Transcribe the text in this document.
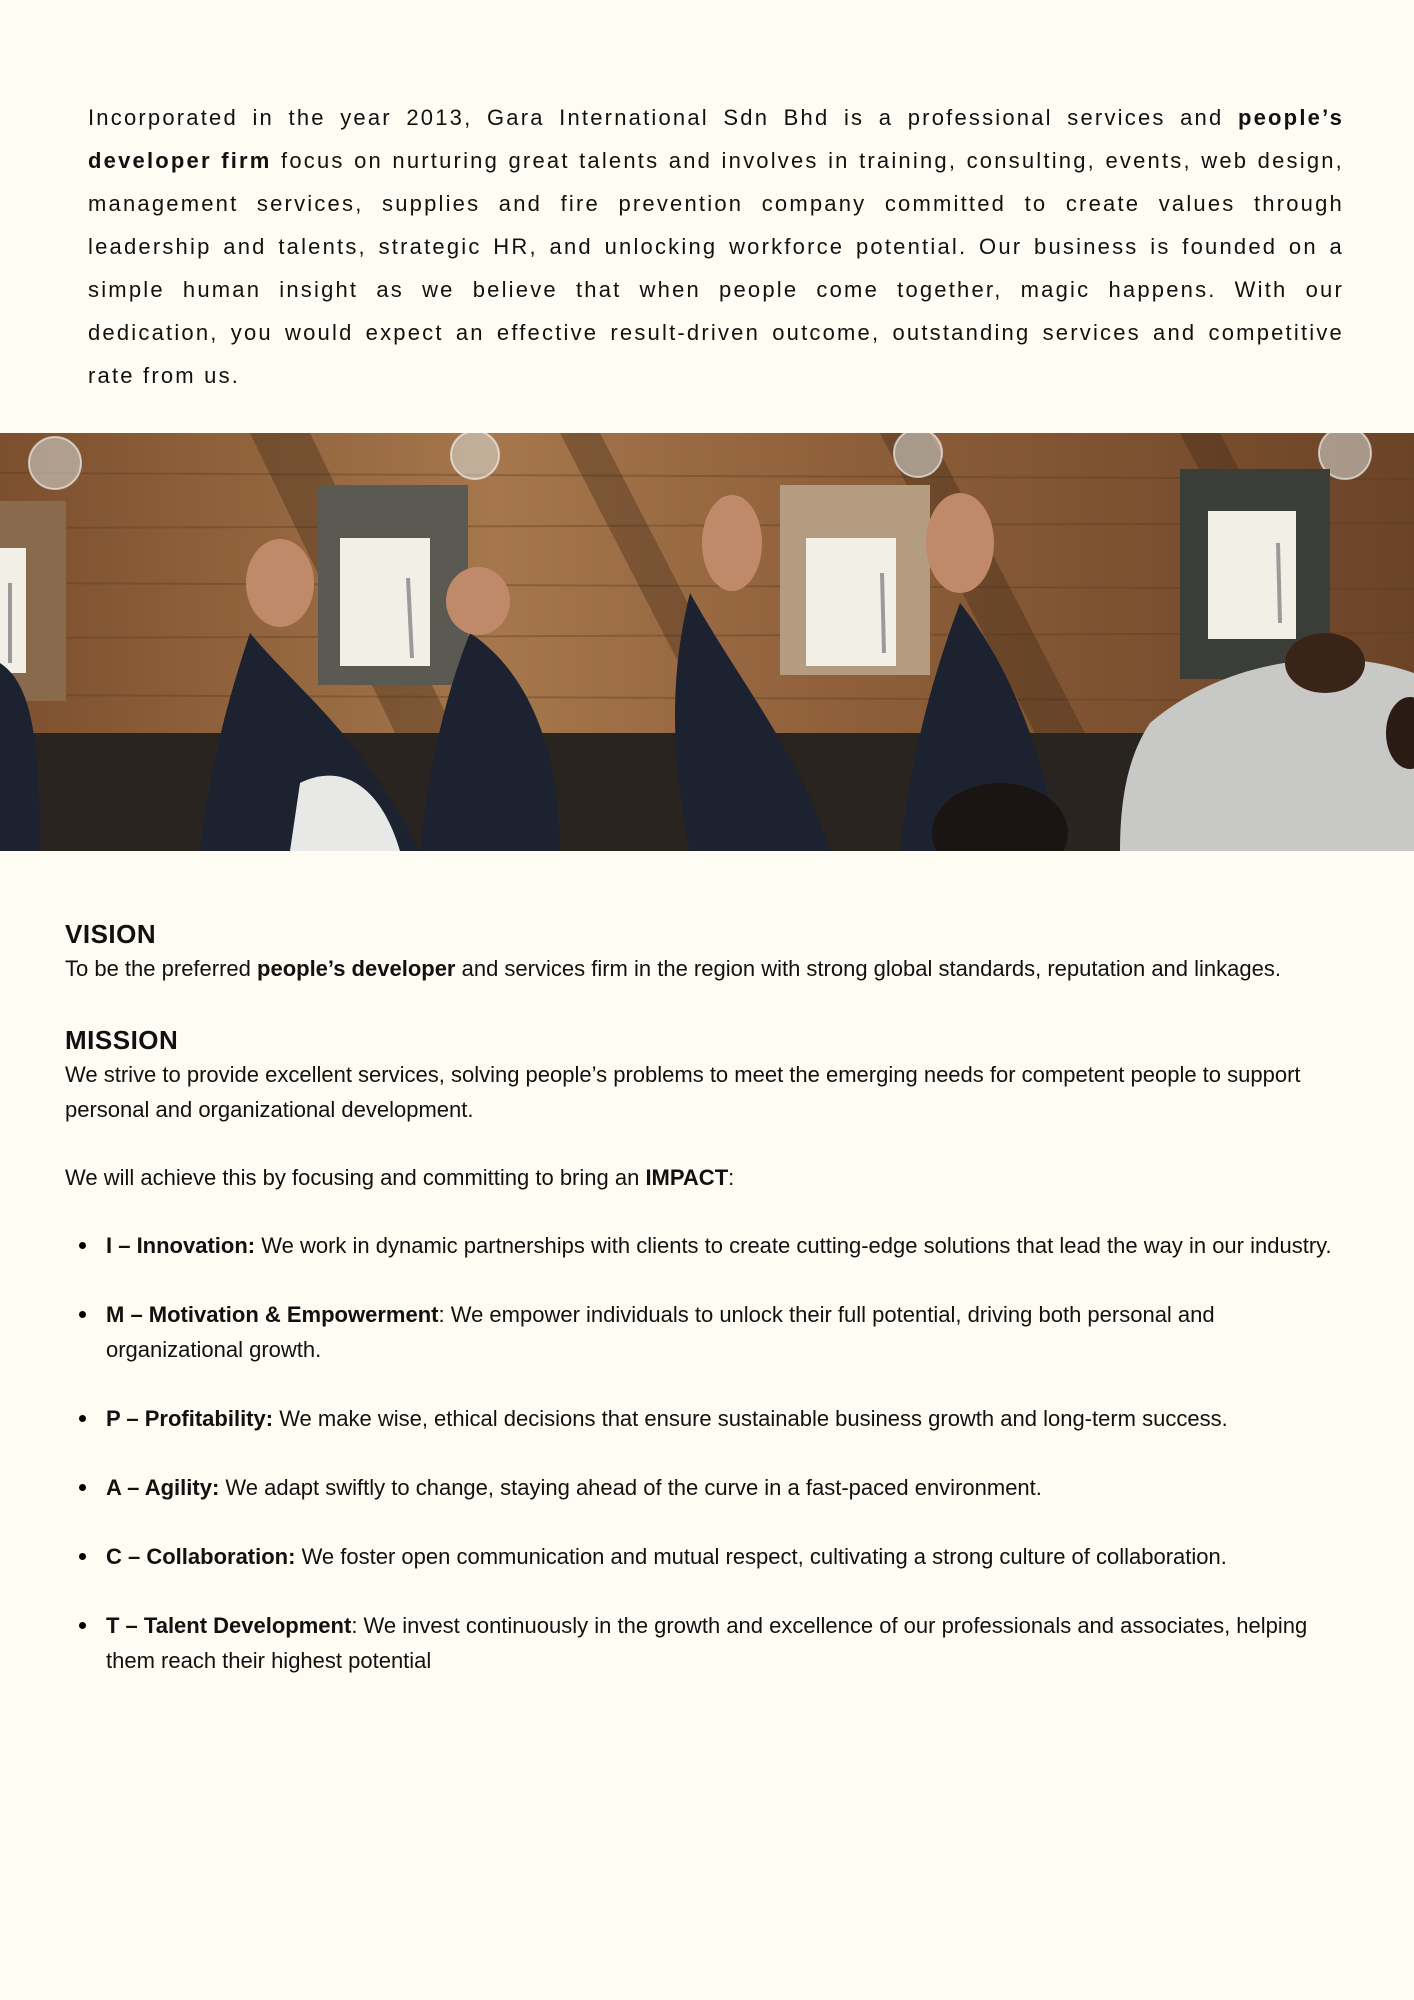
Incorporated in the year 2013, Gara International Sdn Bhd is a professional services and people’s developer firm focus on nurturing great talents and involves in training, consulting, events, web design, management services, supplies and fire prevention company committed to create values through leadership and talents, strategic HR, and unlocking workforce potential. Our business is founded on a simple human insight as we believe that when people come together, magic happens. With our dedication, you would expect an effective result-driven outcome, outstanding services and competitive rate from us.

VISION

To be the preferred people’s developer and services firm in the region with strong global standards, reputation and linkages.

MISSION

We strive to provide excellent services, solving people’s problems to meet the emerging needs for competent people to support personal and organizational development.

We will achieve this by focusing and committing to bring an IMPACT:

I – Innovation: We work in dynamic partnerships with clients to create cutting-edge solutions that lead the way in our industry.
M – Motivation & Empowerment: We empower individuals to unlock their full potential, driving both personal and organizational growth.
P – Profitability: We make wise, ethical decisions that ensure sustainable business growth and long-term success.
A – Agility: We adapt swiftly to change, staying ahead of the curve in a fast-paced environment.
C – Collaboration: We foster open communication and mutual respect, cultivating a strong culture of collaboration.
T – Talent Development: We invest continuously in the growth and excellence of our professionals and associates, helping them reach their highest potential
